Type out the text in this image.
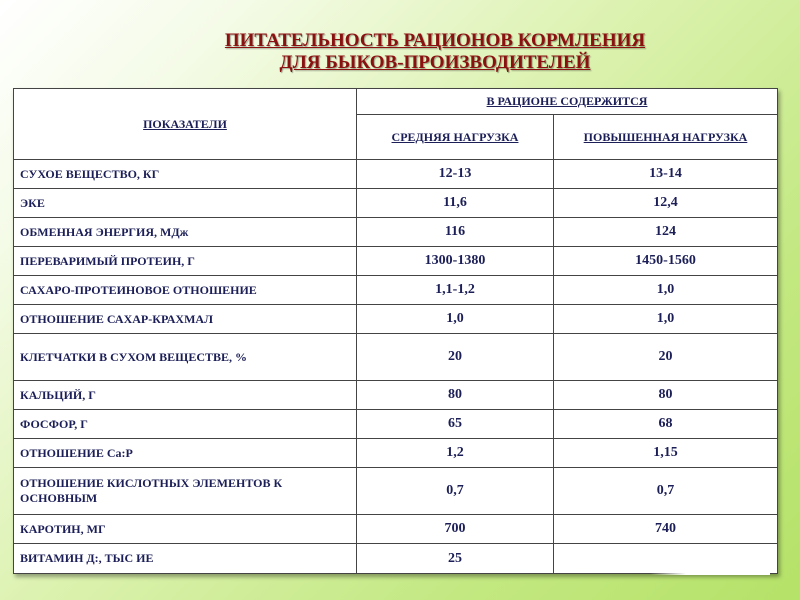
ПИТАТЕЛЬНОСТЬ РАЦИОНОВ КОРМЛЕНИЯ
ДЛЯ БЫКОВ-ПРОИЗВОДИТЕЛЕЙ
ПОКАЗАТЕЛИ	В РАЦИОНЕ СОДЕРЖИТСЯ	
	СРЕДНЯЯ НАГРУЗКА	ПОВЫШЕННАЯ НАГРУЗКА
СУХОЕ ВЕЩЕСТВО, КГ	12-13	13-14
ЭКЕ	11,6	12,4
ОБМЕННАЯ ЭНЕРГИЯ, МДж	116	124
ПЕРЕВАРИМЫЙ ПРОТЕИН, Г	1300-1380	1450-1560
САХАРО-ПРОТЕИНОВОЕ ОТНОШЕНИЕ	1,1-1,2	1,0
ОТНОШЕНИЕ САХАР-КРАХМАЛ	1,0	1,0
КЛЕТЧАТКИ В СУХОМ ВЕЩЕСТВЕ, %	20	20
КАЛЬЦИЙ, Г	80	80
ФОСФОР, Г	65	68
ОТНОШЕНИЕ Са:Р	1,2	1,15
ОТНОШЕНИЕ КИСЛОТНЫХ ЭЛЕМЕНТОВ К ОСНОВНЫМ	0,7	0,7
КАРОТИН, МГ	700	740
ВИТАМИН Д:, ТЫС ИЕ	25	
